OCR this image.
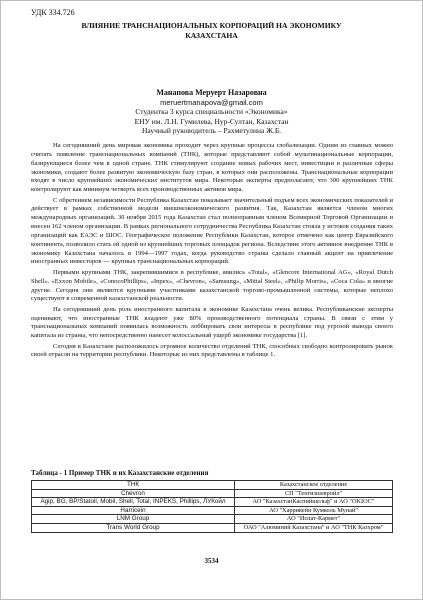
УДК 334.726
ВЛИЯНИЕ ТРАНСНАЦИОНАЛЬНЫХ КОРПОРАЦИЙ НА ЭКОНОМИКУ
КАЗАХСТАНА
Манапова Меруерт Назаровна
meruertmanapova@gmail.com
Студентка 3 курса специальности «Экономика»
ЕНУ им. Л.Н. Гумилева, Нур-Султан, Казахстан
Научный руководитель – Рахметулина Ж.Б.

На сегодняшний день мировая экономика проходит через крупные процессы глобализации. Одним из главных можно считать появление транснациональных компаний (ТНК), которые представляют собой мультинациональные корпорации, базирующиеся более чем в одной стране. ТНК стимулируют создание новых рабочих мест, инвестиции в различные сферы экономики, создают более развитую экономическую базу стран, в которых они расположены. Транснациональные корпорации входят в число крупнейших экономических институтов мира. Некоторые эксперты предполагают, что 300 крупнейших ТНК контролируют как минимум четверть всех производственных активов мира.

С обретением независимости Республика Казахстан показывает значительный подъем всех экономических показателей и действует в рамках собственной модели внешнеэкономического развития. Так, Казахстан является членом многих международных организаций. 30 ноября 2015 года Казахстан стал полноправным членом Всемирной Торговой Организации и внесен 162 членом организации. В рамках регионального сотрудничества Республика Казахстан стояла у истоков создания таких организаций как ЕАЭС и ШОС. Географическое положение Республики Казахстан, которое отмечено как центр Евразийского континента, позволило стать ей одной из крупнейших торговых площадок региона. Вследствие этого активное внедрение ТНК в экономику Казахстана началось в 1994—1997 годах, когда руководство страны сделало главный акцент на привлечение иностранных инвесторов — крупных транснациональных корпораций.

Первыми крупными ТНК, закрепившимися в республике, явились «Total», «Glencore International AG», «Royal Dutch Shell». «Exxon Mobile», «ConocoPhillips», «Inpex», «Chevron», «Samsung», «Mittal Steel», «Philip Morris», «Coca Cola» и многие другие. Сегодня они являются крупными участниками казахстанской торгово-промышленной системы, которые неплохо существуют в современной казахстанской реальности.

На сегодняшний день роль иностранного капитала в экономике Казахстана очень велика. Республиканские эксперты оценивают, что иностранные ТНК владеют уже 80% производственного потенциала страны. В связи с этим у транснациональных компаний появилась возможность лоббировать свои интересы в республике под угрозой вывода своего капитала из страны, что непосредственно нанесет колоссальный ущерб экономике государства [1].

Сегодня в Казахстане расположилось огромное количество отделений ТНК, способных свободно контролировать рынок своей отрасли на территории республики. Некоторые из них представлены в таблице 1.

Таблица - 1 Пример ТНК и их Казахстанские отделения
ТНК	Казахстанское отделение
Chevron	СП "Тенгизшевройл"
Agip, BG, BP/Statoil, Mobil, Shell, Total, INPEKS, Phillips, ЛУКойл	АО "КазахстанКаспийшельф" и АО "OKIOC"
Harricein	АО "Харрикейн Кумколь Мунай"
LNM Group	АО "Испат-Кармет"
Trans World Group	ОАО "Алюминий Казахстана" и АО "ТНК Казхром"
3534
